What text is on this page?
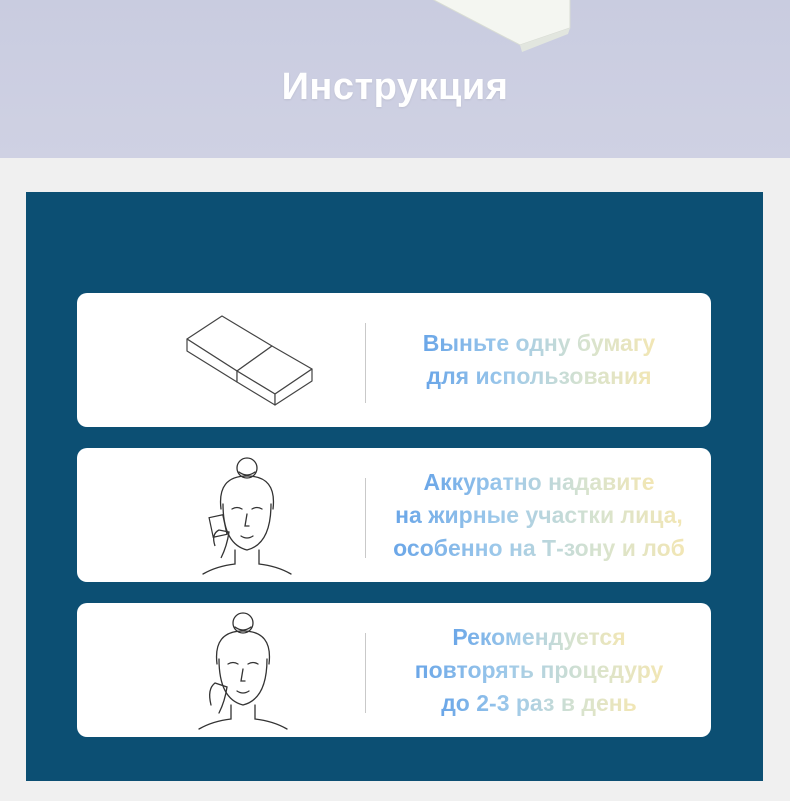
Инструкция
Выньте одну бумагу
для использования
Аккуратно надавите
на жирные участки лица,
особенно на Т-зону и лоб
Рекомендуется
повторять процедуру
до 2-3 раз в день
